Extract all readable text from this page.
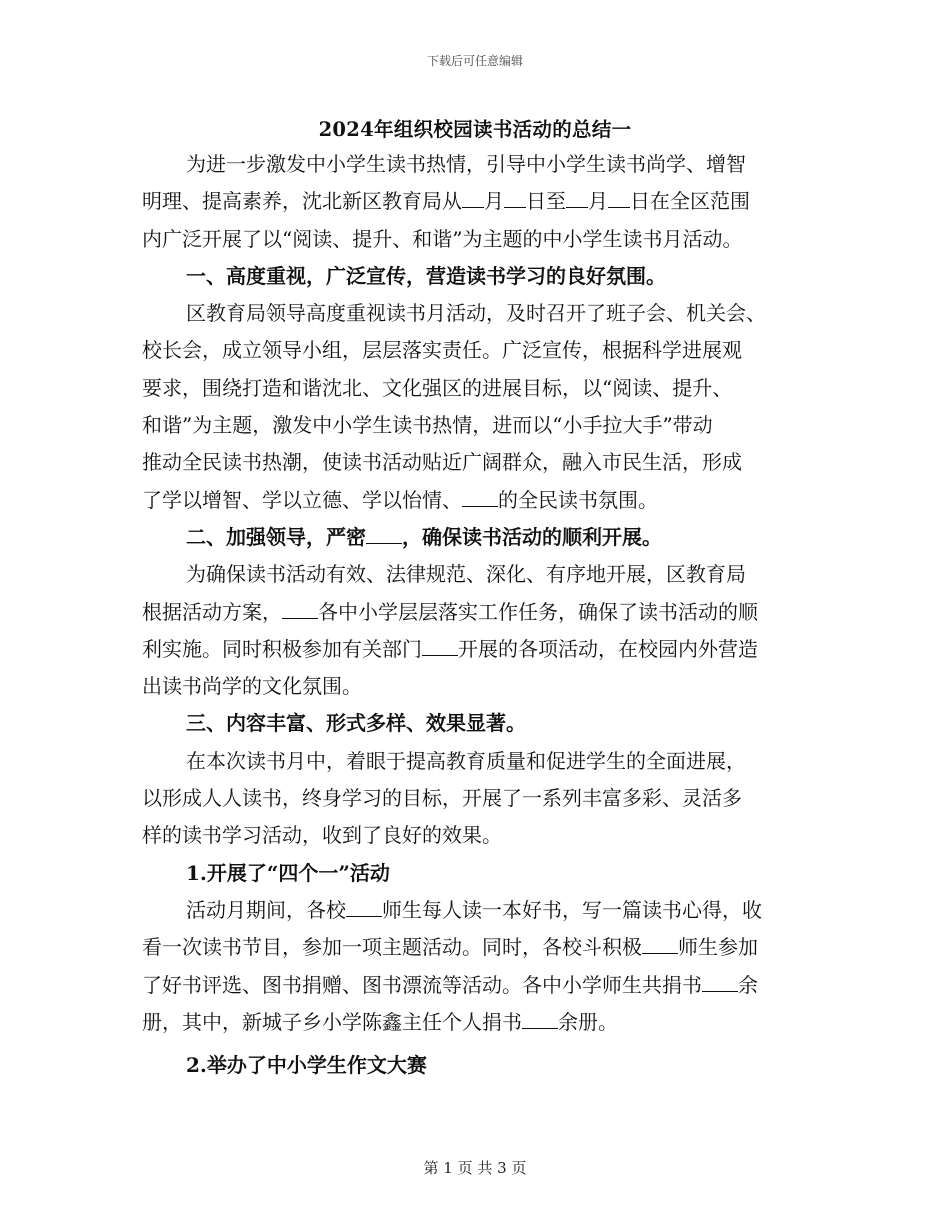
下载后可任意编辑
2024年组织校园读书活动的总结一
为进一步激发中小学生读书热情，引导中小学生读书尚学、增智
明理、提高素养，沈北新区教育局从 月 日至 月 日在全区范围
内广泛开展了以“阅读、提升、和谐”为主题的中小学生读书月活动。
一、高度重视，广泛宣传，营造读书学习的良好氛围。
区教育局领导高度重视读书月活动，及时召开了班子会、机关会、
校长会，成立领导小组，层层落实责任。广泛宣传，根据科学进展观
要求，围绕打造和谐沈北、文化强区的进展目标，以“阅读、提升、
和谐”为主题，激发中小学生读书热情，进而以“小手拉大手”带动
推动全民读书热潮，使读书活动贴近广阔群众，融入市民生活，形成
了学以增智、学以立德、学以怡情、 的全民读书氛围。
二、加强领导，严密 ，确保读书活动的顺利开展。
为确保读书活动有效、法律规范、深化、有序地开展，区教育局
根据活动方案， 各中小学层层落实工作任务，确保了读书活动的顺
利实施。同时积极参加有关部门 开展的各项活动，在校园内外营造
出读书尚学的文化氛围。
三、内容丰富、形式多样、效果显著。
在本次读书月中，着眼于提高教育质量和促进学生的全面进展，
以形成人人读书，终身学习的目标，开展了一系列丰富多彩、灵活多
样的读书学习活动，收到了良好的效果。
1.开展了“四个一”活动
活动月期间，各校 师生每人读一本好书，写一篇读书心得，收
看一次读书节目，参加一项主题活动。同时，各校斗积极 师生参加
了好书评选、图书捐赠、图书漂流等活动。各中小学师生共捐书 余
册，其中，新城子乡小学陈鑫主任个人捐书 余册。
2.举办了中小学生作文大赛
第 1 页 共 3 页
